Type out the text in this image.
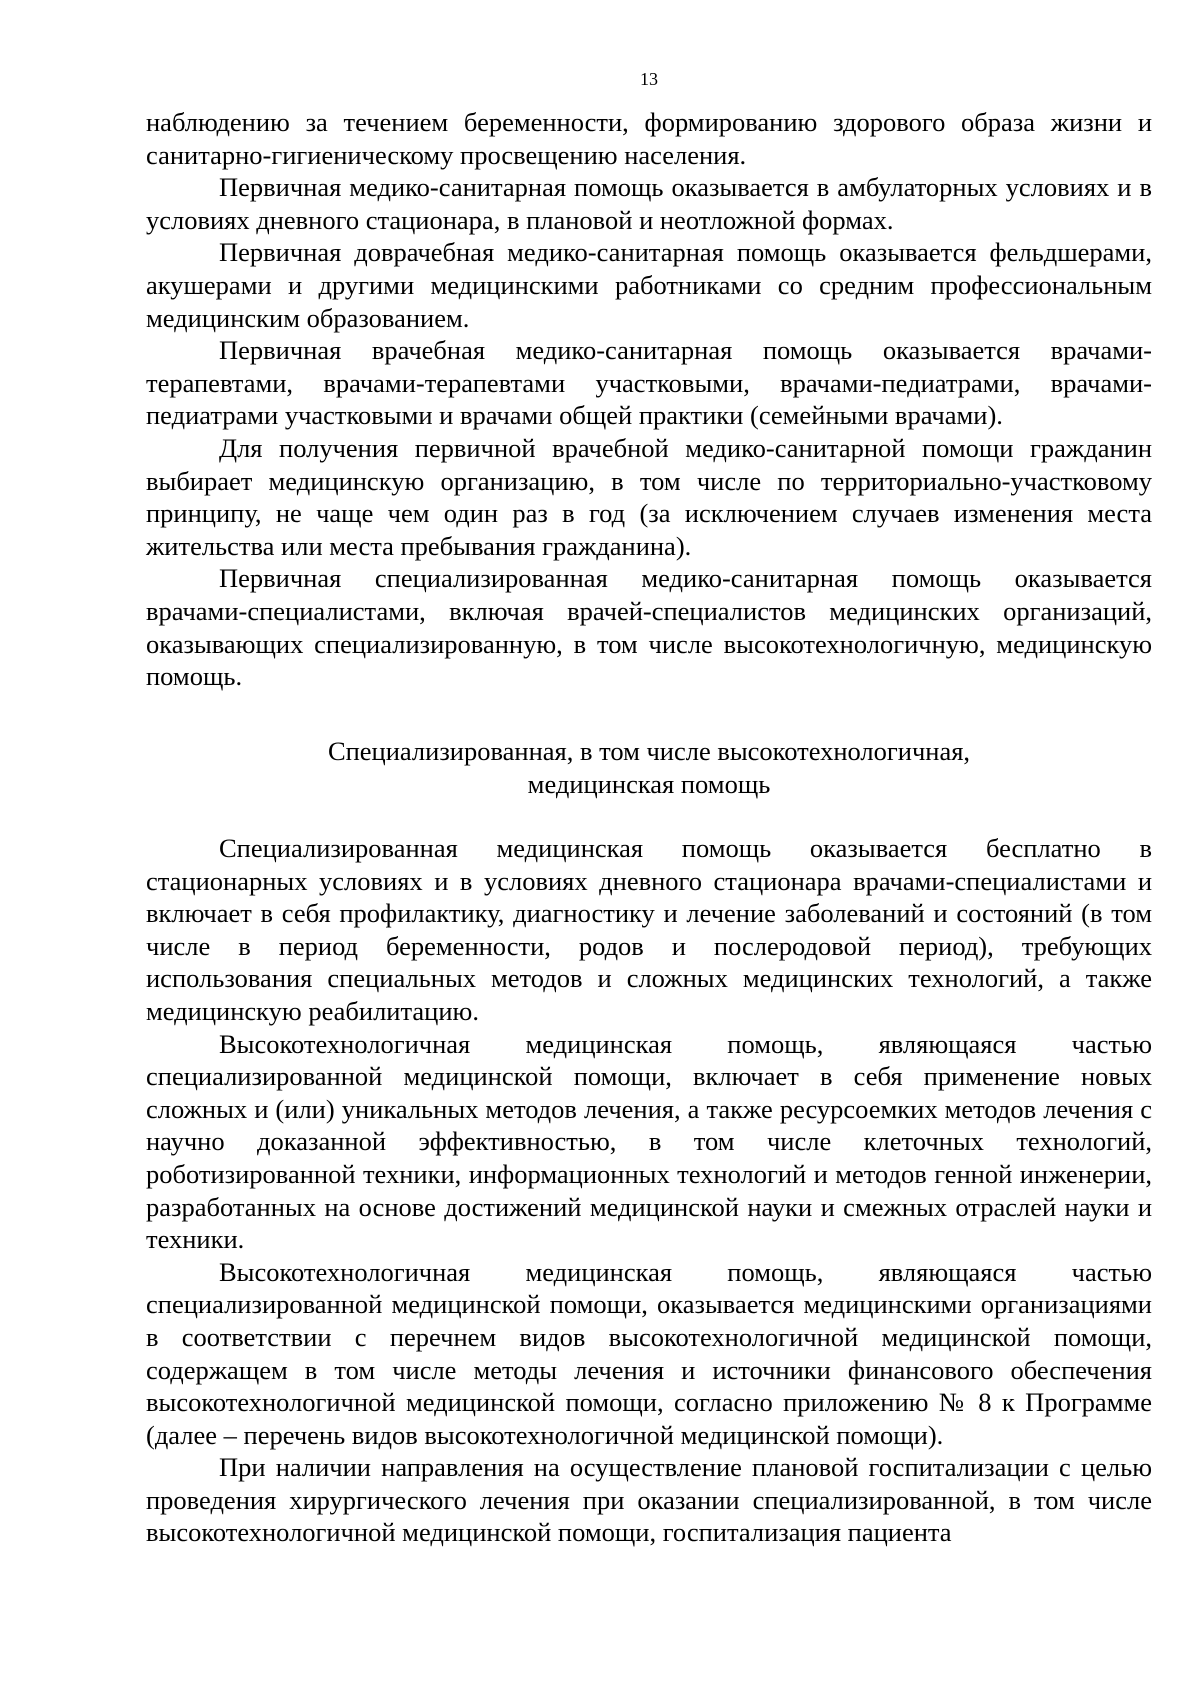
13

наблюдению за течением беременности, формированию здорового образа жизни и санитарно-гигиеническому просвещению населения.

Первичная медико-санитарная помощь оказывается в амбулаторных условиях и в условиях дневного стационара, в плановой и неотложной формах.

Первичная доврачебная медико-санитарная помощь оказывается фельдшерами, акушерами и другими медицинскими работниками со средним профессиональным медицинским образованием.

Первичная врачебная медико-санитарная помощь оказывается врачами-терапевтами, врачами-терапевтами участковыми, врачами-педиатрами, врачами-педиатрами участковыми и врачами общей практики (семейными врачами).

Для получения первичной врачебной медико-санитарной помощи гражданин выбирает медицинскую организацию, в том числе по территориально-участковому принципу, не чаще чем один раз в год (за исключением случаев изменения места жительства или места пребывания гражданина).

Первичная специализированная медико-санитарная помощь оказывается врачами-специалистами, включая врачей-специалистов медицинских организаций, оказывающих специализированную, в том числе высокотехнологичную, медицинскую помощь.

Специализированная, в том числе высокотехнологичная,
медицинская помощь

Специализированная медицинская помощь оказывается бесплатно в стационарных условиях и в условиях дневного стационара врачами-специалистами и включает в себя профилактику, диагностику и лечение заболеваний и состояний (в том числе в период беременности, родов и послеродовой период), требующих использования специальных методов и сложных медицинских технологий, а также медицинскую реабилитацию.

Высокотехнологичная медицинская помощь, являющаяся частью специализированной медицинской помощи, включает в себя применение новых сложных и (или) уникальных методов лечения, а также ресурсоемких методов лечения с научно доказанной эффективностью, в том числе клеточных технологий, роботизированной техники, информационных технологий и методов генной инженерии, разработанных на основе достижений медицинской науки и смежных отраслей науки и техники.

Высокотехнологичная медицинская помощь, являющаяся частью специализированной медицинской помощи, оказывается медицинскими организациями в соответствии с перечнем видов высокотехнологичной медицинской помощи, содержащем в том числе методы лечения и источники финансового обеспечения высокотехнологичной медицинской помощи, согласно приложению № 8 к Программе (далее – перечень видов высокотехнологичной медицинской помощи).

При наличии направления на осуществление плановой госпитализации с целью проведения хирургического лечения при оказании специализированной, в том числе высокотехнологичной медицинской помощи, госпитализация пациента
